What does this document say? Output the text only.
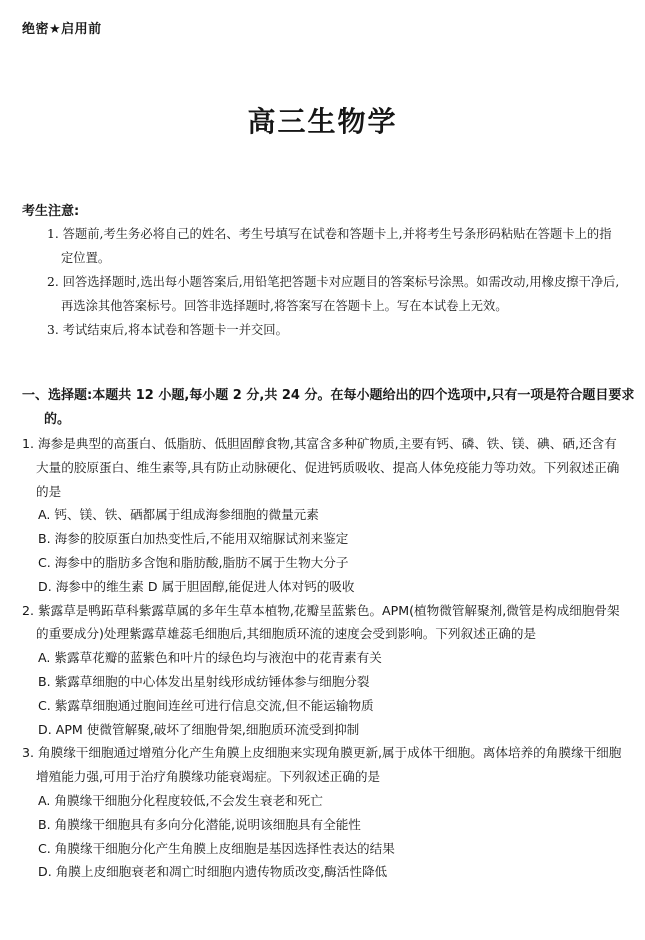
绝密★启用前
高三生物学
考生注意:
1. 答题前,考生务必将自己的姓名、考生号填写在试卷和答题卡上,并将考生号条形码粘贴在答题卡上的指定位置。
2. 回答选择题时,选出每小题答案后,用铅笔把答题卡对应题目的答案标号涂黑。如需改动,用橡皮擦干净后,再选涂其他答案标号。回答非选择题时,将答案写在答题卡上。写在本试卷上无效。
3. 考试结束后,将本试卷和答题卡一并交回。
一、选择题:本题共 12 小题,每小题 2 分,共 24 分。在每小题给出的四个选项中,只有一项是符合题目要求的。
1. 海参是典型的高蛋白、低脂肪、低胆固醇食物,其富含多种矿物质,主要有钙、磷、铁、镁、碘、硒,还含有大量的胶原蛋白、维生素等,具有防止动脉硬化、促进钙质吸收、提高人体免疫能力等功效。下列叙述正确的是
A. 钙、镁、铁、硒都属于组成海参细胞的微量元素
B. 海参的胶原蛋白加热变性后,不能用双缩脲试剂来鉴定
C. 海参中的脂肪多含饱和脂肪酸,脂肪不属于生物大分子
D. 海参中的维生素 D 属于胆固醇,能促进人体对钙的吸收
2. 紫露草是鸭跖草科紫露草属的多年生草本植物,花瓣呈蓝紫色。APM(植物微管解聚剂,微管是构成细胞骨架的重要成分)处理紫露草雄蕊毛细胞后,其细胞质环流的速度会受到影响。下列叙述正确的是
A. 紫露草花瓣的蓝紫色和叶片的绿色均与液泡中的花青素有关
B. 紫露草细胞的中心体发出星射线形成纺锤体参与细胞分裂
C. 紫露草细胞通过胞间连丝可进行信息交流,但不能运输物质
D. APM 使微管解聚,破坏了细胞骨架,细胞质环流受到抑制
3. 角膜缘干细胞通过增殖分化产生角膜上皮细胞来实现角膜更新,属于成体干细胞。离体培养的角膜缘干细胞增殖能力强,可用于治疗角膜缘功能衰竭症。下列叙述正确的是
A. 角膜缘干细胞分化程度较低,不会发生衰老和死亡
B. 角膜缘干细胞具有多向分化潜能,说明该细胞具有全能性
C. 角膜缘干细胞分化产生角膜上皮细胞是基因选择性表达的结果
D. 角膜上皮细胞衰老和凋亡时细胞内遗传物质改变,酶活性降低
